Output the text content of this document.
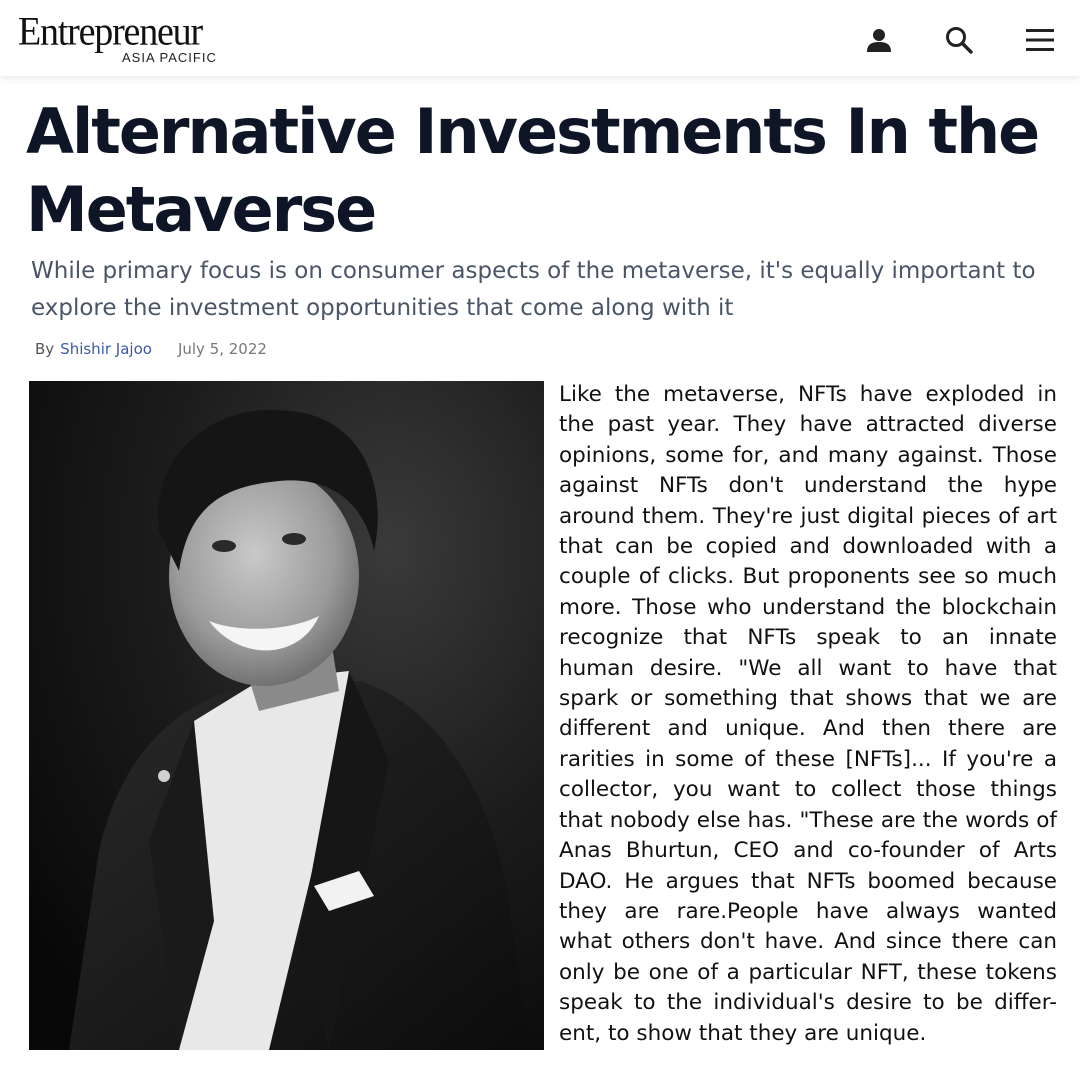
Entrepreneur
ASIA PACIFIC
Alternative Investments In the Metaverse

While primary focus is on consumer aspects of the metaverse, it's equally important to explore the investment opportunities that come along with it

By Shishir Jajoo July 5, 2022

Like the metaverse, NFTs have exploded in the past year. They have attracted diverse opinions, some for, and many against. Those against NFTs don't understand the hype around them. They're just digital pieces of art that can be copied and downloaded with a couple of clicks. But proponents see so much more. Those who understand the blockchain recognize that NFTs speak to an innate human desire. "We all want to have that spark or something that shows that we are different and unique. And then there are rarities in some of these [NFTs]... If you're a collector, you want to collect those things that nobody else has. "These are the words of Anas Bhurtun, CEO and co-founder of Arts DAO. He argues that NFTs boomed because they are rare.People have always wanted what others don't have. And since there can only be one of a particular NFT, these tokens speak to the individual's desire to be differ-ent, to show that they are unique.
